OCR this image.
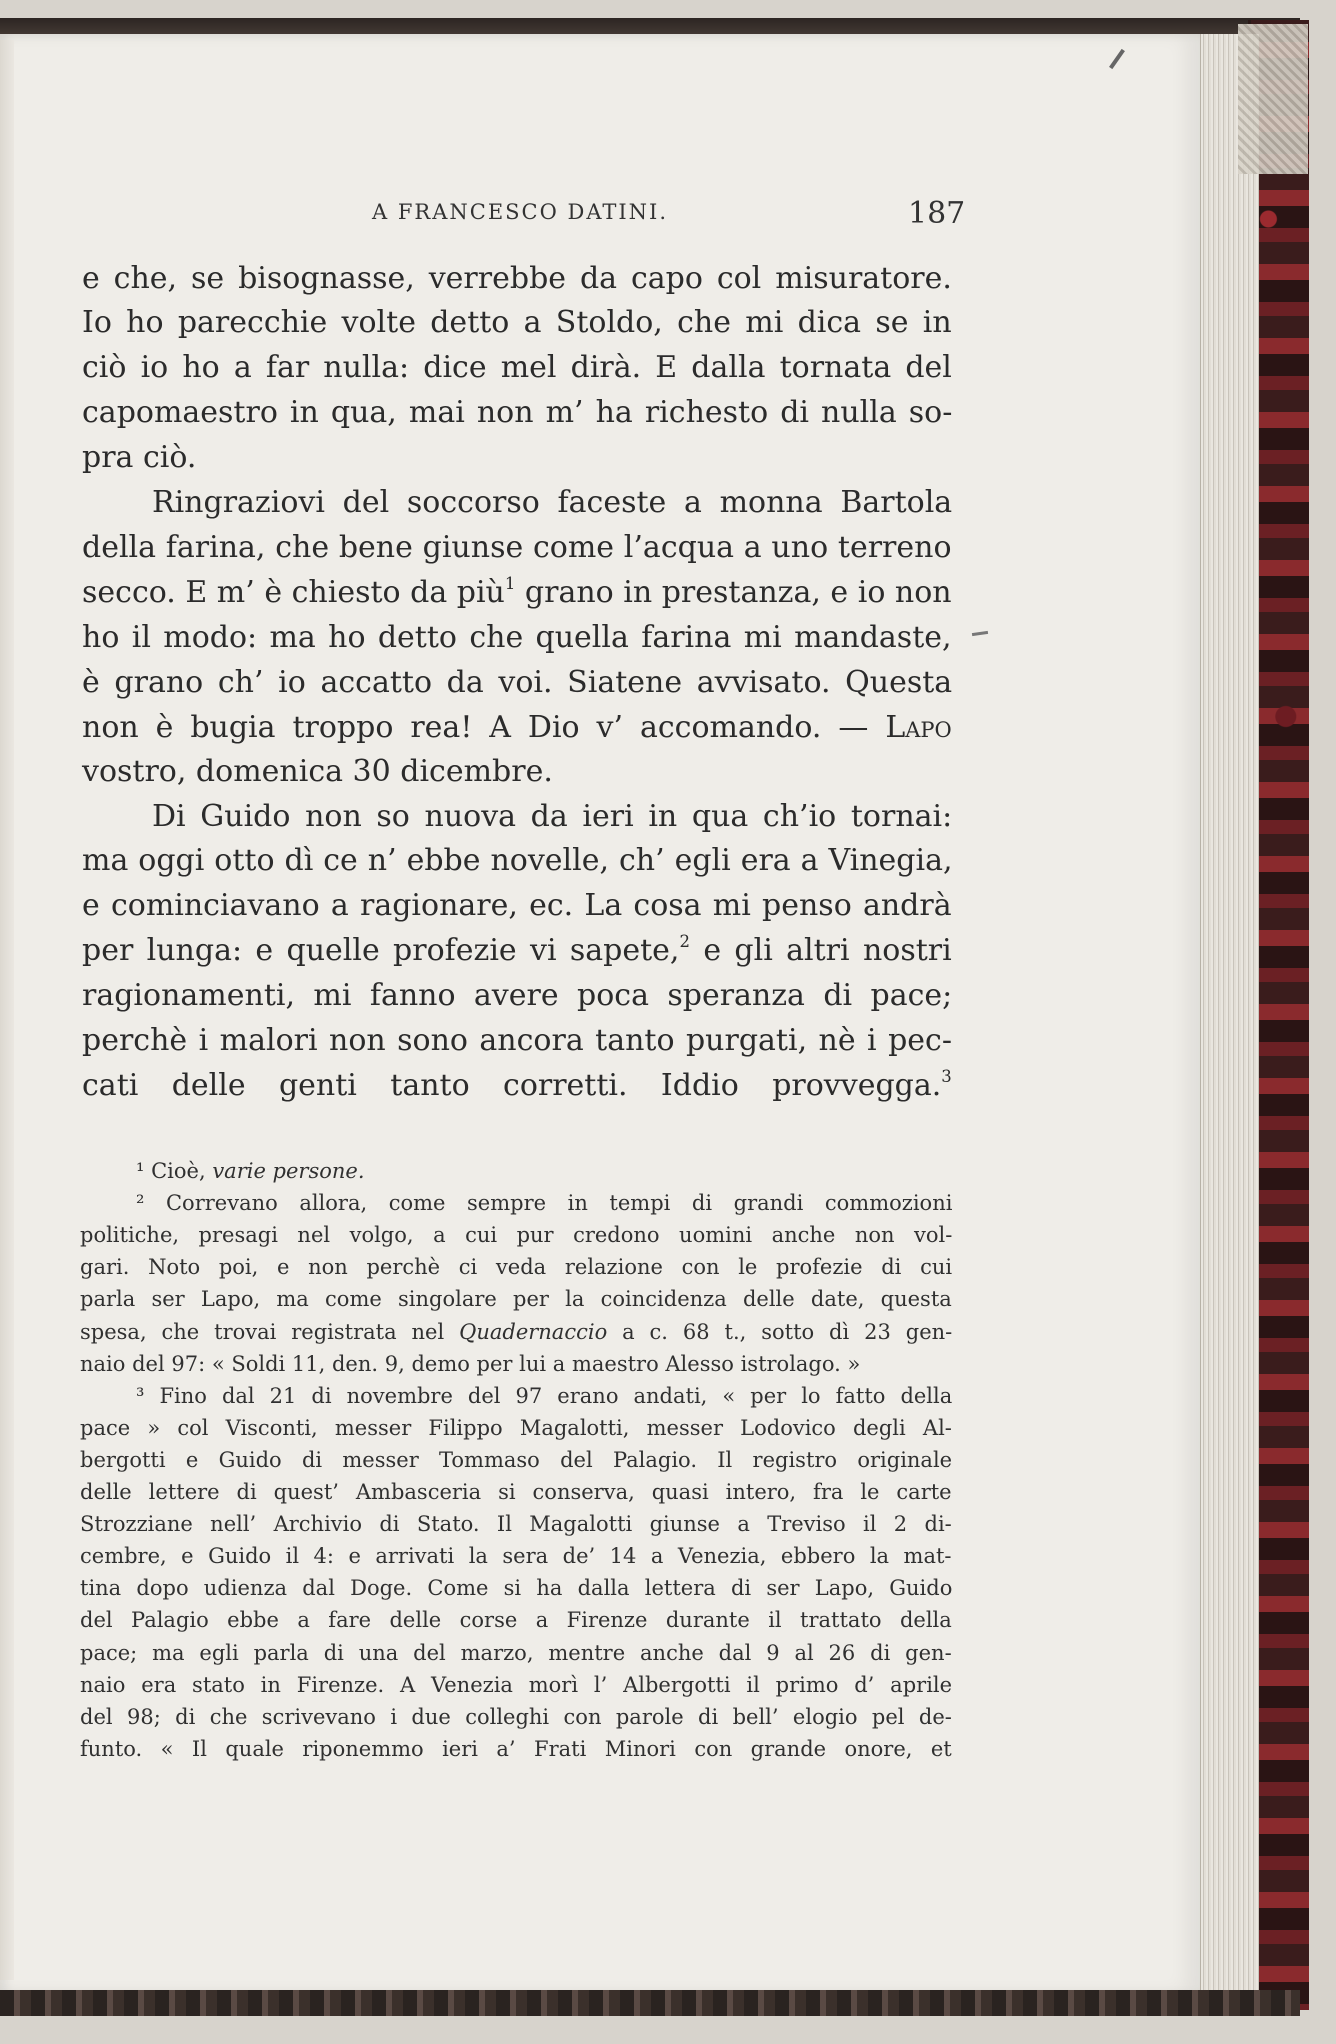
A FRANCESCO DATINI.	187
e che, se bisognasse, verrebbe da capo col misuratore.
Io ho parecchie volte detto a Stoldo, che mi dica se in
ciò io ho a far nulla: dice mel dirà. E dalla tornata del
capomaestro in qua, mai non m’ ha richesto di nulla so-
pra ciò.
Ringraziovi del soccorso faceste a monna Bartola
della farina, che bene giunse come l’acqua a uno terreno
secco. E m’ è chiesto da più$^1$ grano in prestanza, e io non
ho il modo: ma ho detto che quella farina mi mandaste,
è grano ch’ io accatto da voi. Siatene avvisato. Questa
non è bugia troppo rea! A Dio v’ accomando. — Lapo
vostro, domenica 30 dicembre.
Di Guido non so nuova da ieri in qua ch’io tornai:
ma oggi otto dì ce n’ ebbe novelle, ch’ egli era a Vinegia,
e cominciavano a ragionare, ec. La cosa mi penso andrà
per lunga: e quelle profezie vi sapete,$^2$ e gli altri nostri
ragionamenti, mi fanno avere poca speranza di pace;
perchè i malori non sono ancora tanto purgati, nè i pec-
cati delle genti tanto corretti. Iddio provvegga.$^3$
¹ Cioè, varie persone.
² Correvano allora, come sempre in tempi di grandi commozioni
politiche, presagi nel volgo, a cui pur credono uomini anche non vol-
gari. Noto poi, e non perchè ci veda relazione con le profezie di cui
parla ser Lapo, ma come singolare per la coincidenza delle date, questa
spesa, che trovai registrata nel Quadernaccio a c. 68 t., sotto dì 23 gen-
naio del 97: « Soldi 11, den. 9, demo per lui a maestro Alesso istrolago. »
³ Fino dal 21 di novembre del 97 erano andati, « per lo fatto della
pace » col Visconti, messer Filippo Magalotti, messer Lodovico degli Al-
bergotti e Guido di messer Tommaso del Palagio. Il registro originale
delle lettere di quest’ Ambasceria si conserva, quasi intero, fra le carte
Strozziane nell’ Archivio di Stato. Il Magalotti giunse a Treviso il 2 di-
cembre, e Guido il 4: e arrivati la sera de’ 14 a Venezia, ebbero la mat-
tina dopo udienza dal Doge. Come si ha dalla lettera di ser Lapo, Guido
del Palagio ebbe a fare delle corse a Firenze durante il trattato della
pace; ma egli parla di una del marzo, mentre anche dal 9 al 26 di gen-
naio era stato in Firenze. A Venezia morì l’ Albergotti il primo d’ aprile
del 98; di che scrivevano i due colleghi con parole di bell’ elogio pel de-
funto. « Il quale riponemmo ieri a’ Frati Minori con grande onore, et
